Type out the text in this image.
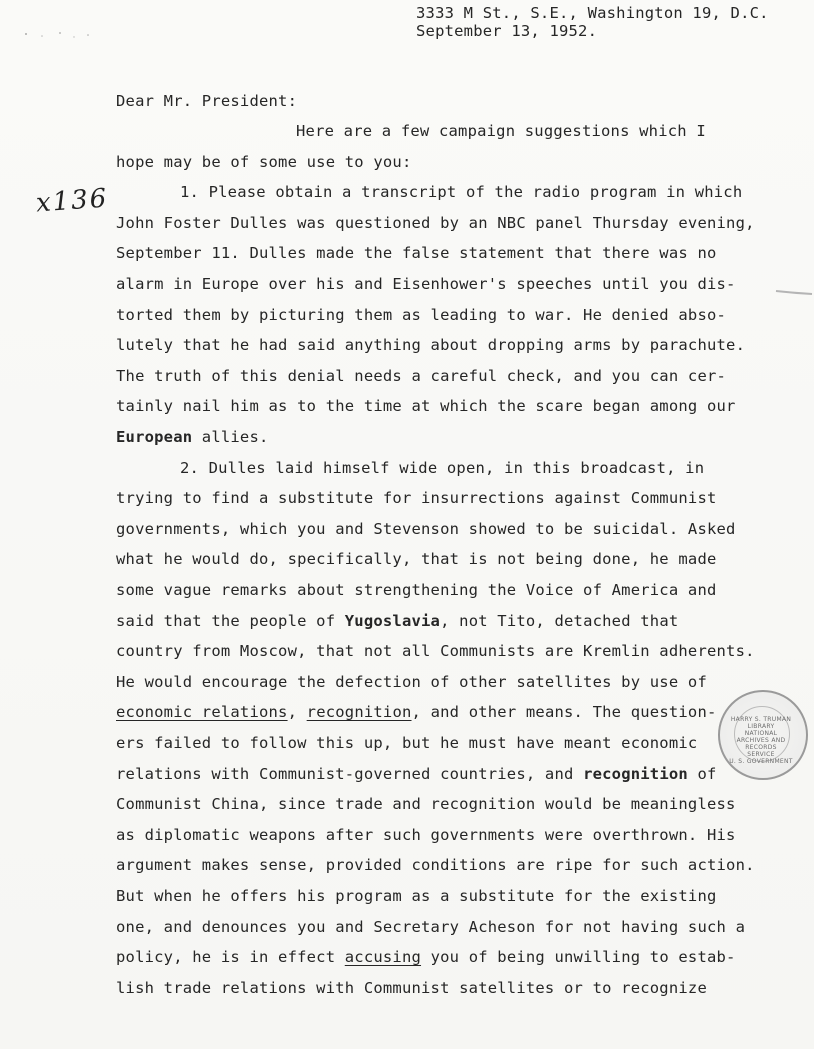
3333 M St., S.E., Washington 19, D.C.
September 13, 1952.
Dear Mr. President:
x136
Here are a few campaign suggestions which I
hope may be of some use to you:
1. Please obtain a transcript of the radio program in which
John Foster Dulles was questioned by an NBC panel Thursday evening,
September 11. Dulles made the false statement that there was no
alarm in Europe over his and Eisenhower's speeches until you dis-
torted them by picturing them as leading to war. He denied abso-
lutely that he had said anything about dropping arms by parachute.
The truth of this denial needs a careful check, and you can cer-
tainly nail him as to the time at which the scare began among our
European allies.
2. Dulles laid himself wide open, in this broadcast, in
trying to find a substitute for insurrections against Communist
governments, which you and Stevenson showed to be suicidal. Asked
what he would do, specifically, that is not being done, he made
some vague remarks about strengthening the Voice of America and
said that the people of Yugoslavia, not Tito, detached that
country from Moscow, that not all Communists are Kremlin adherents.
He would encourage the defection of other satellites by use of
economic relations, recognition, and other means. The question-
ers failed to follow this up, but he must have meant economic
relations with Communist-governed countries, and recognition of
Communist China, since trade and recognition would be meaningless
as diplomatic weapons after such governments were overthrown. His
argument makes sense, provided conditions are ripe for such action.
But when he offers his program as a substitute for the existing
one, and denounces you and Secretary Acheson for not having such a
policy, he is in effect accusing you of being unwilling to estab-
lish trade relations with Communist satellites or to recognize
HARRY S. TRUMAN LIBRARY
NATIONAL
ARCHIVES AND
RECORDS
SERVICE
U. S. GOVERNMENT
